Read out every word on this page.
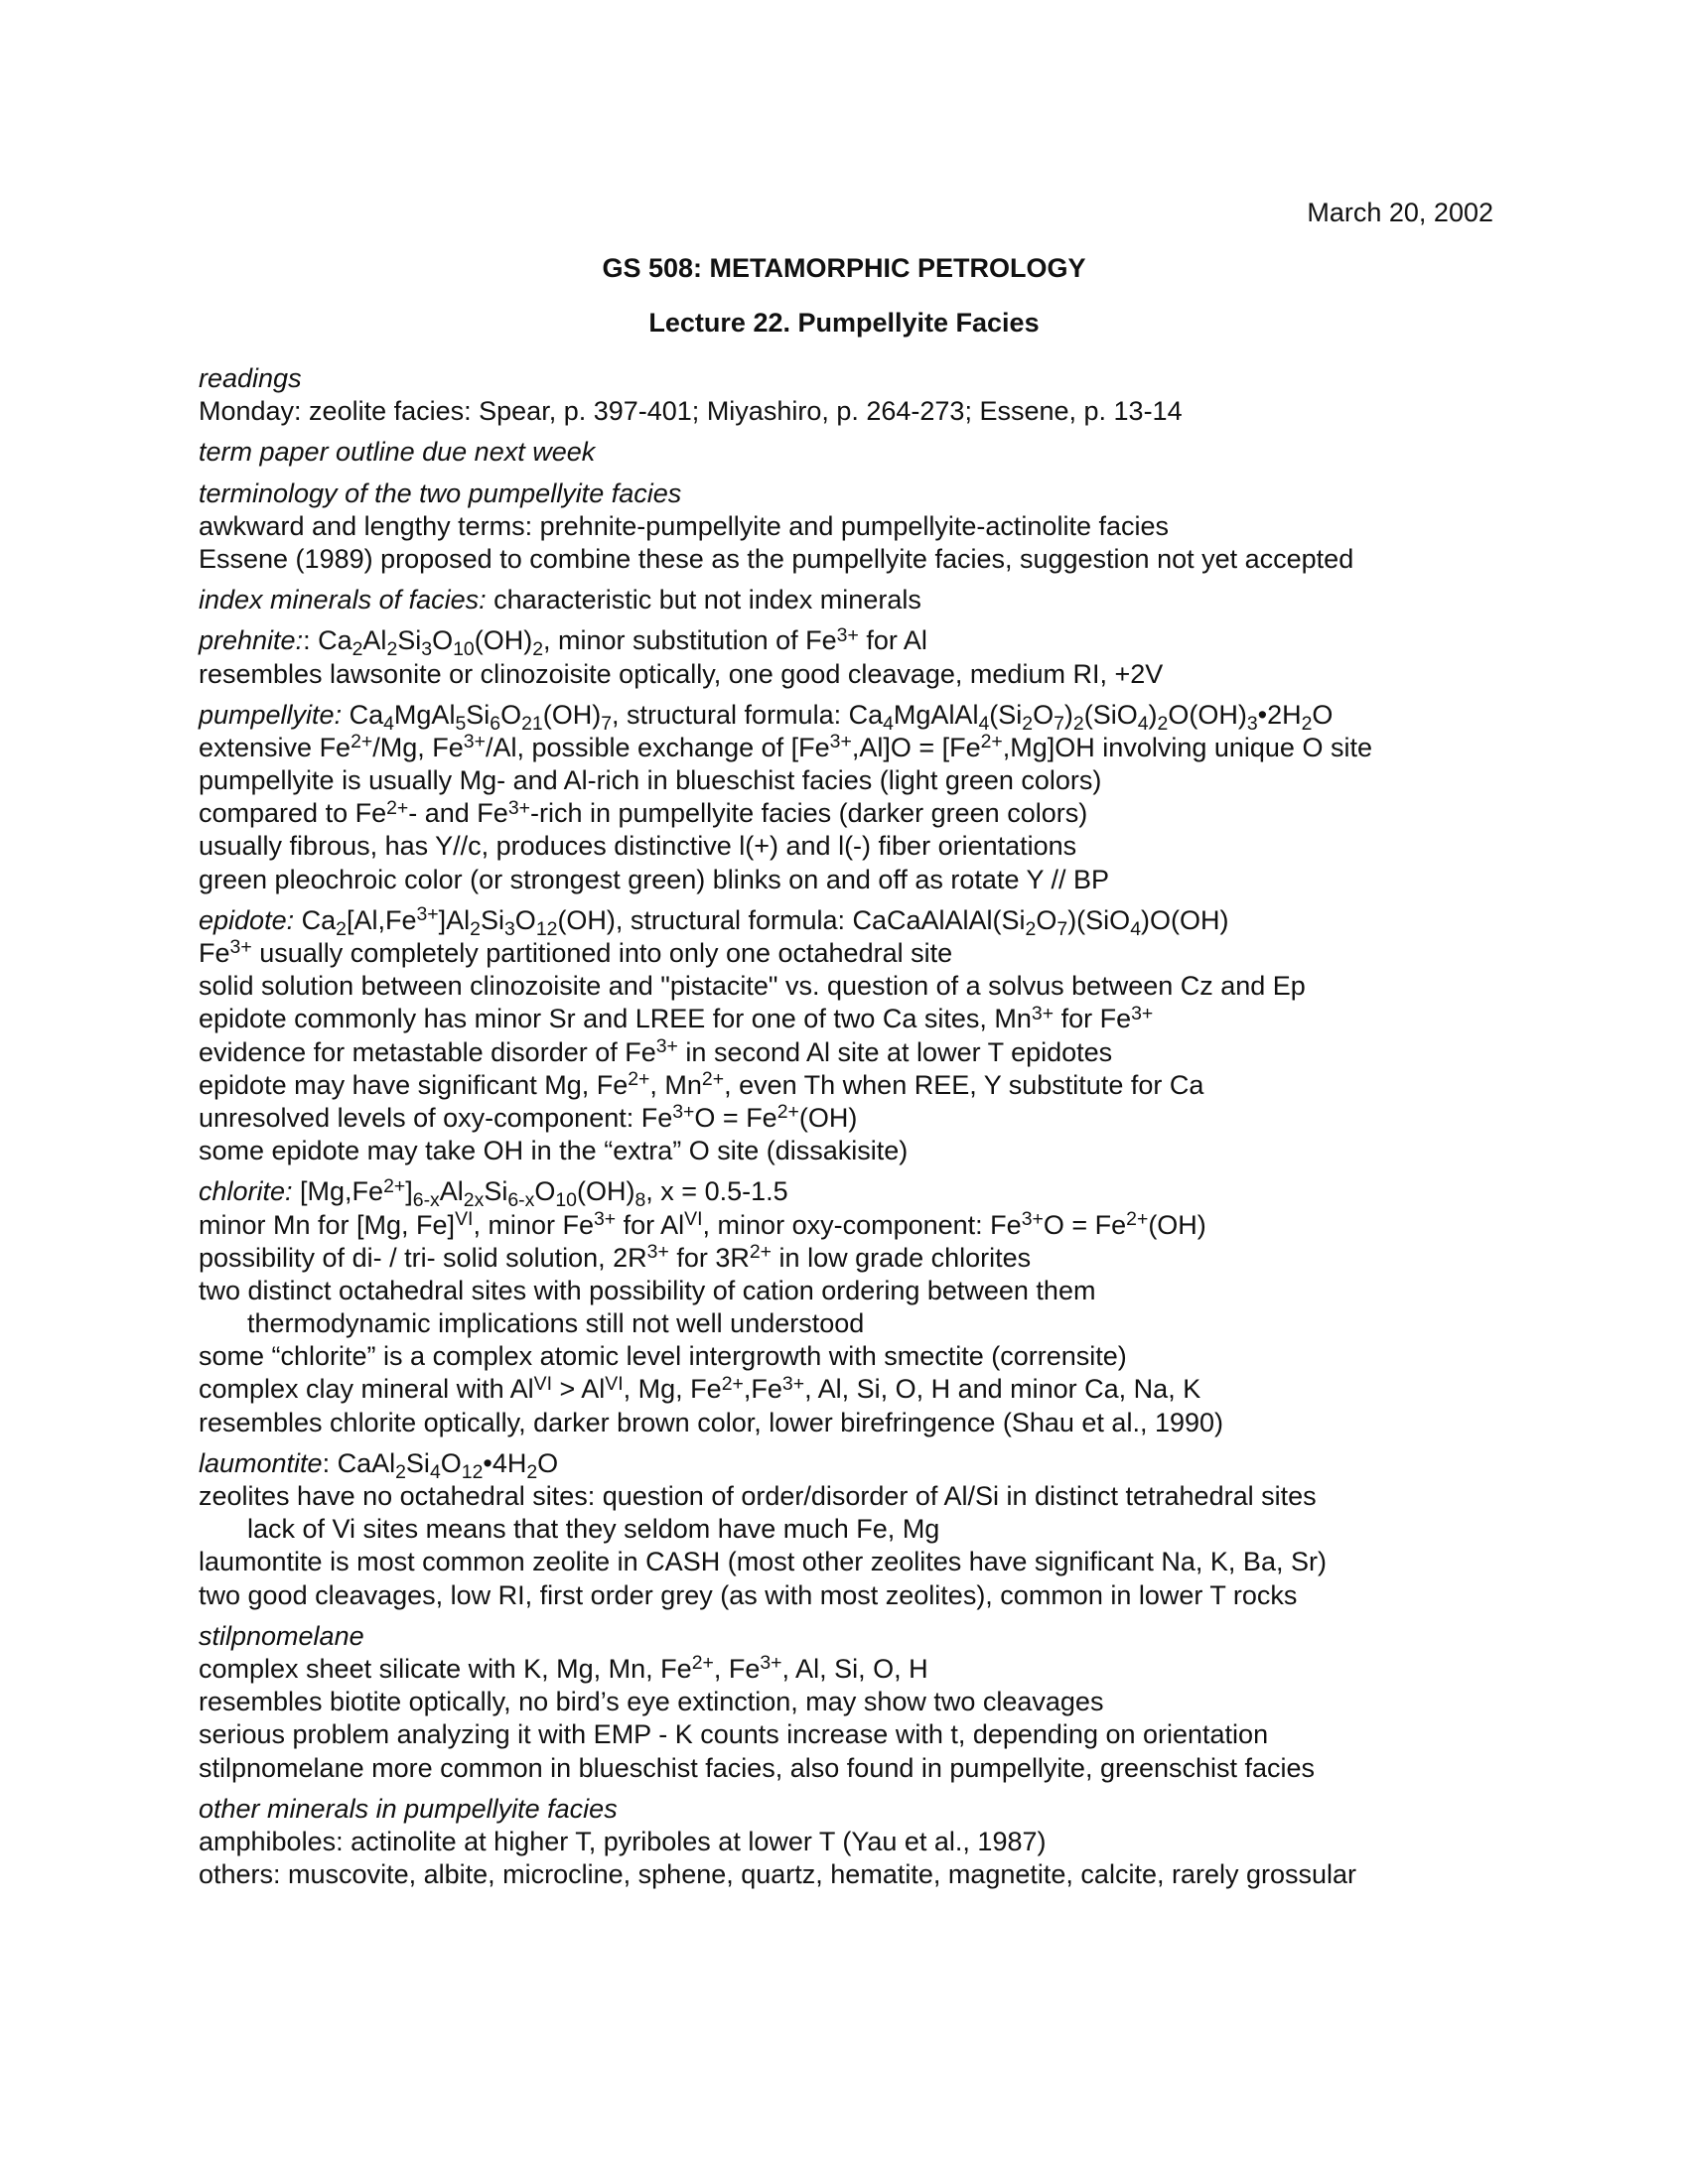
March 20, 2002
GS 508: METAMORPHIC PETROLOGY
Lecture 22. Pumpellyite Facies
readings
Monday: zeolite facies: Spear, p. 397-401; Miyashiro, p. 264-273; Essene, p. 13-14
term paper outline due next week
terminology of the two pumpellyite facies
awkward and lengthy terms: prehnite-pumpellyite and pumpellyite-actinolite facies
Essene (1989) proposed to combine these as the pumpellyite facies, suggestion not yet accepted
index minerals of facies: characteristic but not index minerals
prehnite:: $Ca_2Al_2Si_3O_{10}(OH)_2$, minor substitution of $Fe^{3+}$ for Al
resembles lawsonite or clinozoisite optically, one good cleavage, medium RI, +2V
pumpellyite: $Ca_4MgAl_5Si_6O_{21}(OH)_7$, structural formula: $Ca_4MgAlAl_4(Si_2O_7)_2(SiO_4)_2O(OH)_3•2H_2O$
extensive $Fe^{2+}/Mg$, $Fe^{3+}/Al$, possible exchange of $[Fe^{3+},Al]O = [Fe^{2+},Mg]OH$ involving unique O site
pumpellyite is usually Mg- and Al-rich in blueschist facies (light green colors)
compared to $Fe^{2+}-$ and $Fe^{3+}$-rich in pumpellyite facies (darker green colors)
usually fibrous, has Y//c, produces distinctive l(+) and l(-) fiber orientations
green pleochroic color (or strongest green) blinks on and off as rotate Y // BP
epidote: $Ca_2[Al,Fe^{3+}]Al_2Si_3O_{12}(OH)$, structural formula: $CaCaAlAlAl(Si_2O_7)(SiO_4)O(OH)$
$Fe^{3+}$ usually completely partitioned into only one octahedral site
solid solution between clinozoisite and "pistacite" vs. question of a solvus between Cz and Ep
epidote commonly has minor Sr and LREE for one of two Ca sites, $Mn^{3+}$ for $Fe^{3+}$
evidence for metastable disorder of $Fe^{3+}$ in second Al site at lower T epidotes
epidote may have significant Mg, $Fe^{2+}$, $Mn^{2+}$, even Th when REE, Y substitute for Ca
unresolved levels of oxy-component: $Fe^{3+}O = Fe^{2+}(OH)$
some epidote may take OH in the “extra” O site (dissakisite)
chlorite: $[Mg,Fe^{2+}]_{6-x}Al_{2x}Si_{6-x}O_{10}(OH)_8$, x = 0.5-1.5
minor Mn for [Mg, Fe]$^{VI}$, minor $Fe^{3+}$ for $Al^{VI}$, minor oxy-component: $Fe^{3+}O = Fe^{2+}(OH)$
possibility of di- / tri- solid solution, $2R^{3+}$ for $3R^{2+}$ in low grade chlorites
two distinct octahedral sites with possibility of cation ordering between them
thermodynamic implications still not well understood
some “chlorite” is a complex atomic level intergrowth with smectite (corrensite)
complex clay mineral with $Al^{VI} > Al^{VI}$, Mg, $Fe^{2+},Fe^{3+}$, Al, Si, O, H and minor Ca, Na, K
resembles chlorite optically, darker brown color, lower birefringence (Shau et al., 1990)
laumontite: $CaAl_2Si_4O_{12}•4H_2O$
zeolites have no octahedral sites: question of order/disorder of Al/Si in distinct tetrahedral sites
lack of Vi sites means that they seldom have much Fe, Mg
laumontite is most common zeolite in CASH (most other zeolites have significant Na, K, Ba, Sr)
two good cleavages, low RI, first order grey (as with most zeolites), common in lower T rocks
stilpnomelane
complex sheet silicate with K, Mg, Mn, $Fe^{2+}$, $Fe^{3+}$, Al, Si, O, H
resembles biotite optically, no bird’s eye extinction, may show two cleavages
serious problem analyzing it with EMP - K counts increase with t, depending on orientation
stilpnomelane more common in blueschist facies, also found in pumpellyite, greenschist facies
other minerals in pumpellyite facies
amphiboles: actinolite at higher T, pyriboles at lower T (Yau et al., 1987)
others: muscovite, albite, microcline, sphene, quartz, hematite, magnetite, calcite, rarely grossular
